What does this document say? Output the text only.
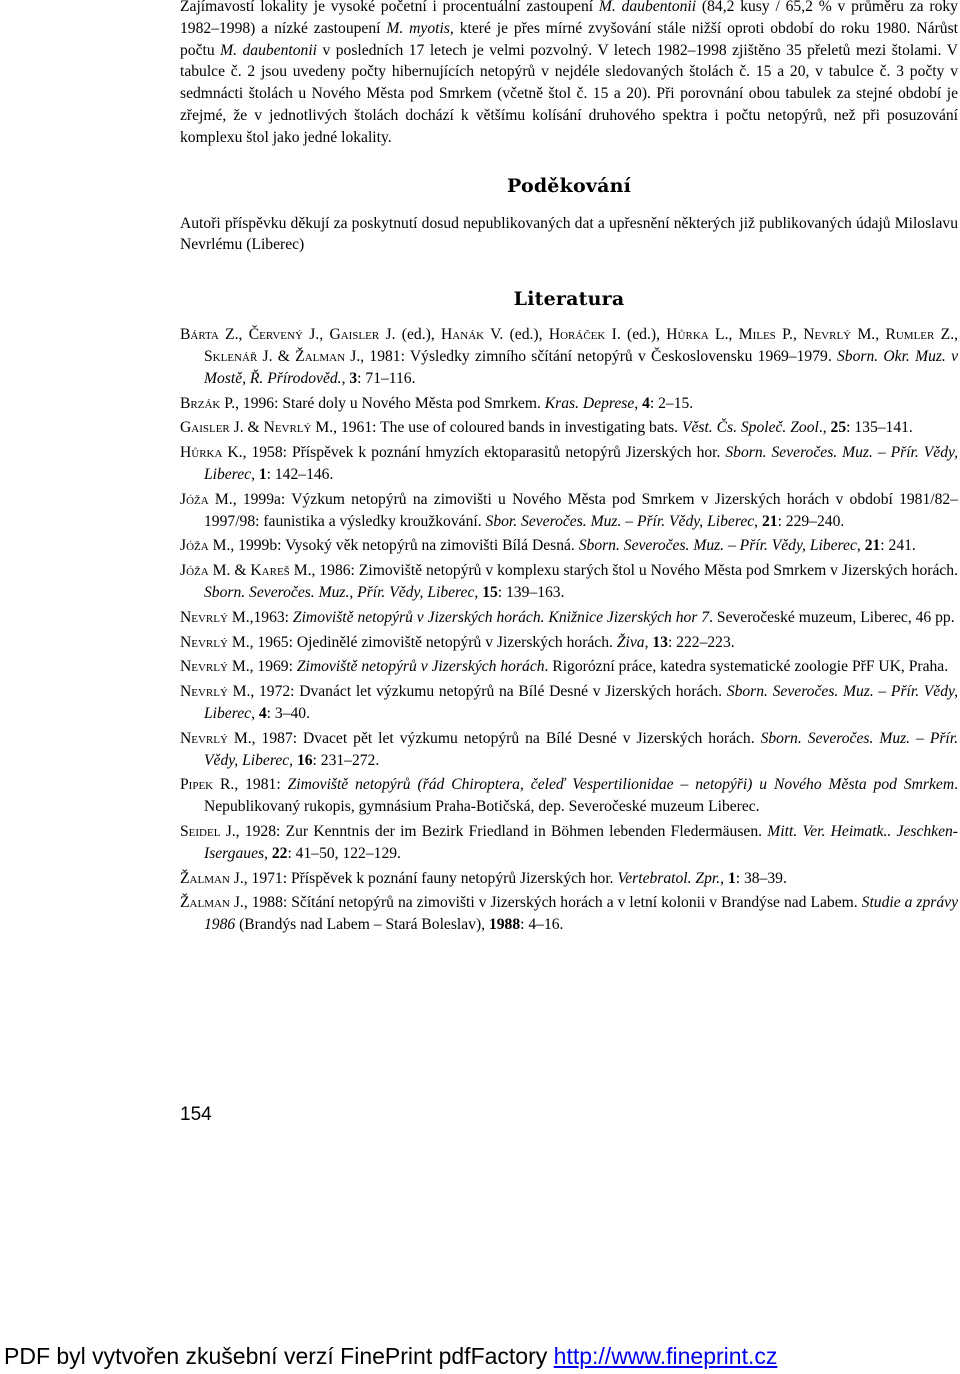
Zajímavostí lokality je vysoké početní i procentuální zastoupení M. daubentonii (84,2 kusy / 65,2 % v průměru za roky 1982–1998) a nízké zastoupení M. myotis, které je přes mírné zvyšování stále nižší oproti období do roku 1980. Nárůst počtu M. daubentonii v posledních 17 letech je velmi pozvolný. V letech 1982–1998 zjištěno 35 přeletů mezi štolami. V tabulce č. 2 jsou uvedeny počty hibernujících netopýrů v nejdéle sledovaných štolách č. 15 a 20, v tabulce č. 3 počty v sedmnácti štolách u Nového Města pod Smrkem (včetně štol č. 15 a 20). Při porovnání obou tabulek za stejné období je zřejmé, že v jednotlivých štolách dochází k většímu kolísání druhového spektra i počtu netopýrů, než při posuzování komplexu štol jako jedné lokality.

Poděkování

Autoři příspěvku děkují za poskytnutí dosud nepublikovaných dat a upřesnění některých již publikovaných údajů Miloslavu Nevrlému (Liberec)

Literatura

Bárta Z., Červený J., Gaisler J. (ed.), Hanák V. (ed.), Horáček I. (ed.), Hůrka L., Miles P., Nevrlý M., Rumler Z., Sklenář J. & Žalman J., 1981: Výsledky zimního sčítání netopýrů v Československu 1969–1979. Sborn. Okr. Muz. v Mostě, Ř. Přírodověd., 3: 71–116.

Brzák P., 1996: Staré doly u Nového Města pod Smrkem. Kras. Deprese, 4: 2–15.

Gaisler J. & Nevrlý M., 1961: The use of coloured bands in investigating bats. Věst. Čs. Společ. Zool., 25: 135–141.

Hůrka K., 1958: Příspěvek k poznání hmyzích ektoparasitů netopýrů Jizerských hor. Sborn. Severočes. Muz. – Přír. Vědy, Liberec, 1: 142–146.

Jóža M., 1999a: Výzkum netopýrů na zimovišti u Nového Města pod Smrkem v Jizerských horách v období 1981/82–1997/98: faunistika a výsledky kroužkování. Sbor. Severočes. Muz. – Přír. Vědy, Liberec, 21: 229–240.

Jóža M., 1999b: Vysoký věk netopýrů na zimovišti Bílá Desná. Sborn. Severočes. Muz. – Přír. Vědy, Liberec, 21: 241.

Jóža M. & Kareš M., 1986: Zimoviště netopýrů v komplexu starých štol u Nového Města pod Smrkem v Jizerských horách. Sborn. Severočes. Muz., Přír. Vědy, Liberec, 15: 139–163.

Nevrlý M.,1963: Zimoviště netopýrů v Jizerských horách. Knižnice Jizerských hor 7. Severočeské muzeum, Liberec, 46 pp.

Nevrlý M., 1965: Ojedinělé zimoviště netopýrů v Jizerských horách. Živa, 13: 222–223.

Nevrlý M., 1969: Zimoviště netopýrů v Jizerských horách. Rigorózní práce, katedra systematické zoologie PřF UK, Praha.

Nevrlý M., 1972: Dvanáct let výzkumu netopýrů na Bílé Desné v Jizerských horách. Sborn. Severočes. Muz. – Přír. Vědy, Liberec, 4: 3–40.

Nevrlý M., 1987: Dvacet pět let výzkumu netopýrů na Bílé Desné v Jizerských horách. Sborn. Severočes. Muz. – Přír. Vědy, Liberec, 16: 231–272.

Pipek R., 1981: Zimoviště netopýrů (řád Chiroptera, čeleď Vespertilionidae – netopýři) u Nového Města pod Smrkem. Nepublikovaný rukopis, gymnásium Praha-Botičská, dep. Severočeské muzeum Liberec.

Seidel J., 1928: Zur Kenntnis der im Bezirk Friedland in Böhmen lebenden Fledermäusen. Mitt. Ver. Heimatk.. Jeschken-Isergaues, 22: 41–50, 122–129.

Žalman J., 1971: Příspěvek k poznání fauny netopýrů Jizerských hor. Vertebratol. Zpr., 1: 38–39.

Žalman J., 1988: Sčítání netopýrů na zimovišti v Jizerských horách a v letní kolonii v Brandýse nad Labem. Studie a zprávy 1986 (Brandýs nad Labem – Stará Boleslav), 1988: 4–16.

154
PDF byl vytvořen zkušební verzí FinePrint pdfFactory http://www.fineprint.cz
